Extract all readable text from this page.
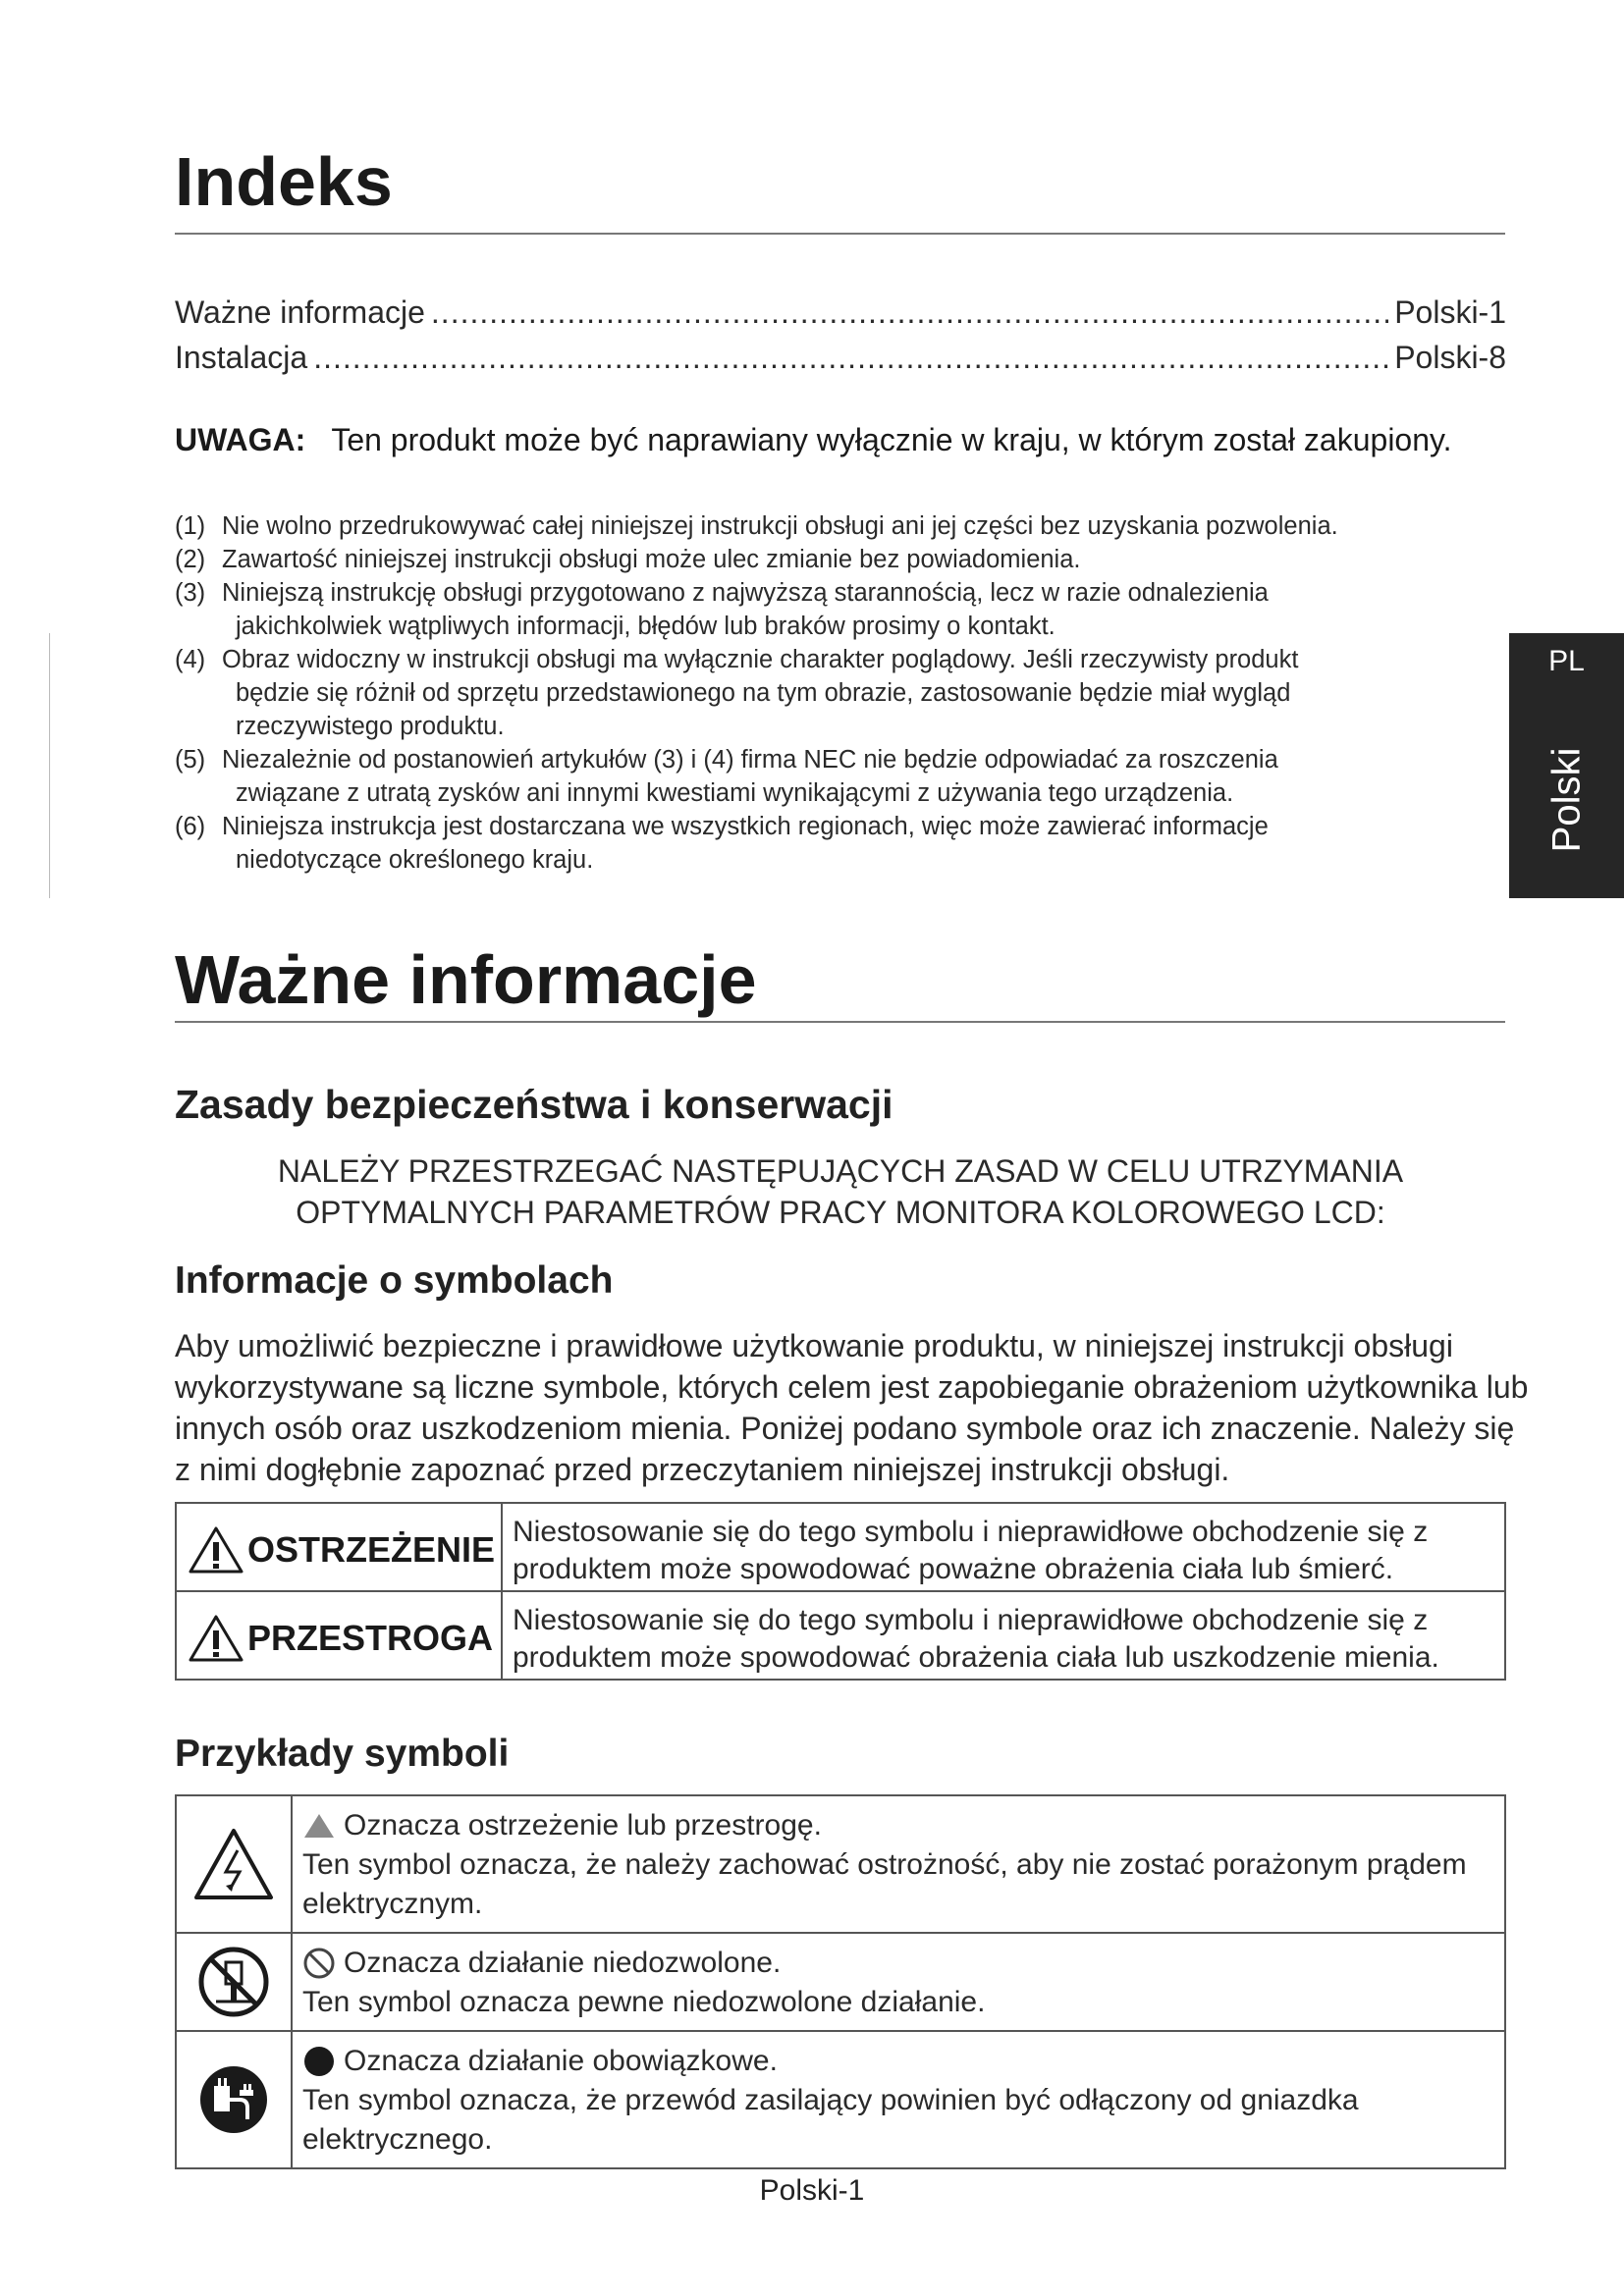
Indeks
Ważne informacje .....	Polski-1
Instalacja .....	Polski-8
UWAGA: Ten produkt może być naprawiany wyłącznie w kraju, w którym został zakupiony.
(1) Nie wolno przedrukowywać całej niniejszej instrukcji obsługi ani jej części bez uzyskania pozwolenia.
(2) Zawartość niniejszej instrukcji obsługi może ulec zmianie bez powiadomienia.
(3) Niniejszą instrukcję obsługi przygotowano z najwyższą starannością, lecz w razie odnalezienia
jakichkolwiek wątpliwych informacji, błędów lub braków prosimy o kontakt.
(4) Obraz widoczny w instrukcji obsługi ma wyłącznie charakter poglądowy. Jeśli rzeczywisty produkt
będzie się różnił od sprzętu przedstawionego na tym obrazie, zastosowanie będzie miał wygląd rzeczywistego produktu.
(5) Niezależnie od postanowień artykułów (3) i (4) firma NEC nie będzie odpowiadać za roszczenia
związane z utratą zysków ani innymi kwestiami wynikającymi z używania tego urządzenia.
(6) Niniejsza instrukcja jest dostarczana we wszystkich regionach, więc może zawierać informacje
niedotyczące określonego kraju.
PL
Polski
Ważne informacje
Zasady bezpieczeństwa i konserwacji
NALEŻY PRZESTRZEGAĆ NASTĘPUJĄCYCH ZASAD W CELU UTRZYMANIA OPTYMALNYCH PARAMETRÓW PRACY MONITORA KOLOROWEGO LCD:
Informacje o symbolach
Aby umożliwić bezpieczne i prawidłowe użytkowanie produktu, w niniejszej instrukcji obsługi wykorzystywane są liczne symbole, których celem jest zapobieganie obrażeniom użytkownika lub innych osób oraz uszkodzeniom mienia. Poniżej podano symbole oraz ich znaczenie. Należy się z nimi dogłębnie zapoznać przed przeczytaniem niniejszej instrukcji obsługi.
OSTRZEŻENIE	Niestosowanie się do tego symbolu i nieprawidłowe obchodzenie się z produktem może spowodować poważne obrażenia ciała lub śmierć.

PRZESTROGA	Niestosowanie się do tego symbolu i nieprawidłowe obchodzenie się z produktem może spowodować obrażenia ciała lub uszkodzenie mienia.
Przykłady symboli

Oznacza ostrzeżenie lub przestrogę.
Ten symbol oznacza, że należy zachować ostrożność, aby nie zostać porażonym prądem elektrycznym.

Oznacza działanie niedozwolone.
Ten symbol oznacza pewne niedozwolone działanie.

Oznacza działanie obowiązkowe.
Ten symbol oznacza, że przewód zasilający powinien być odłączony od gniazdka elektrycznego.
Polski-1
